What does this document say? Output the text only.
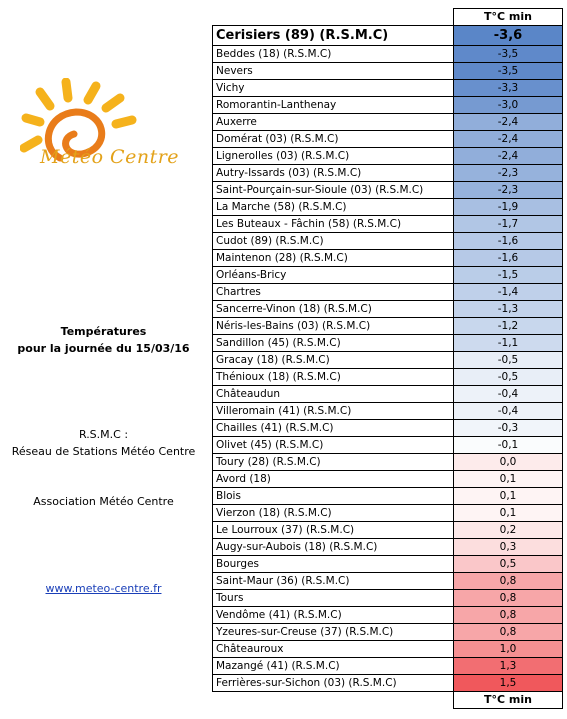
Météo Centre
Températures
pour la journée du 15/03/16
R.S.M.C :
Réseau de Stations Météo Centre
Association Météo Centre
www.meteo-centre.fr
	T°C min
Cerisiers (89) (R.S.M.C)	-3,6
Beddes (18) (R.S.M.C)	-3,5
Nevers	-3,5
Vichy	-3,3
Romorantin-Lanthenay	-3,0
Auxerre	-2,4
Domérat (03) (R.S.M.C)	-2,4
Lignerolles (03) (R.S.M.C)	-2,4
Autry-Issards (03) (R.S.M.C)	-2,3
Saint-Pourçain-sur-Sioule (03) (R.S.M.C)	-2,3
La Marche (58) (R.S.M.C)	-1,9
Les Buteaux - Fâchin (58) (R.S.M.C)	-1,7
Cudot (89) (R.S.M.C)	-1,6
Maintenon (28) (R.S.M.C)	-1,6
Orléans-Bricy	-1,5
Chartres	-1,4
Sancerre-Vinon (18) (R.S.M.C)	-1,3
Néris-les-Bains (03) (R.S.M.C)	-1,2
Sandillon (45) (R.S.M.C)	-1,1
Gracay (18) (R.S.M.C)	-0,5
Thénioux (18) (R.S.M.C)	-0,5
Châteaudun	-0,4
Villeromain (41) (R.S.M.C)	-0,4
Chailles (41) (R.S.M.C)	-0,3
Olivet (45) (R.S.M.C)	-0,1
Toury (28) (R.S.M.C)	0,0
Avord (18)	0,1
Blois	0,1
Vierzon (18) (R.S.M.C)	0,1
Le Lourroux (37) (R.S.M.C)	0,2
Augy-sur-Aubois (18) (R.S.M.C)	0,3
Bourges	0,5
Saint-Maur (36) (R.S.M.C)	0,8
Tours	0,8
Vendôme (41) (R.S.M.C)	0,8
Yzeures-sur-Creuse (37) (R.S.M.C)	0,8
Châteauroux	1,0
Mazangé (41) (R.S.M.C)	1,3
Ferrières-sur-Sichon (03) (R.S.M.C)	1,5
	T°C min
